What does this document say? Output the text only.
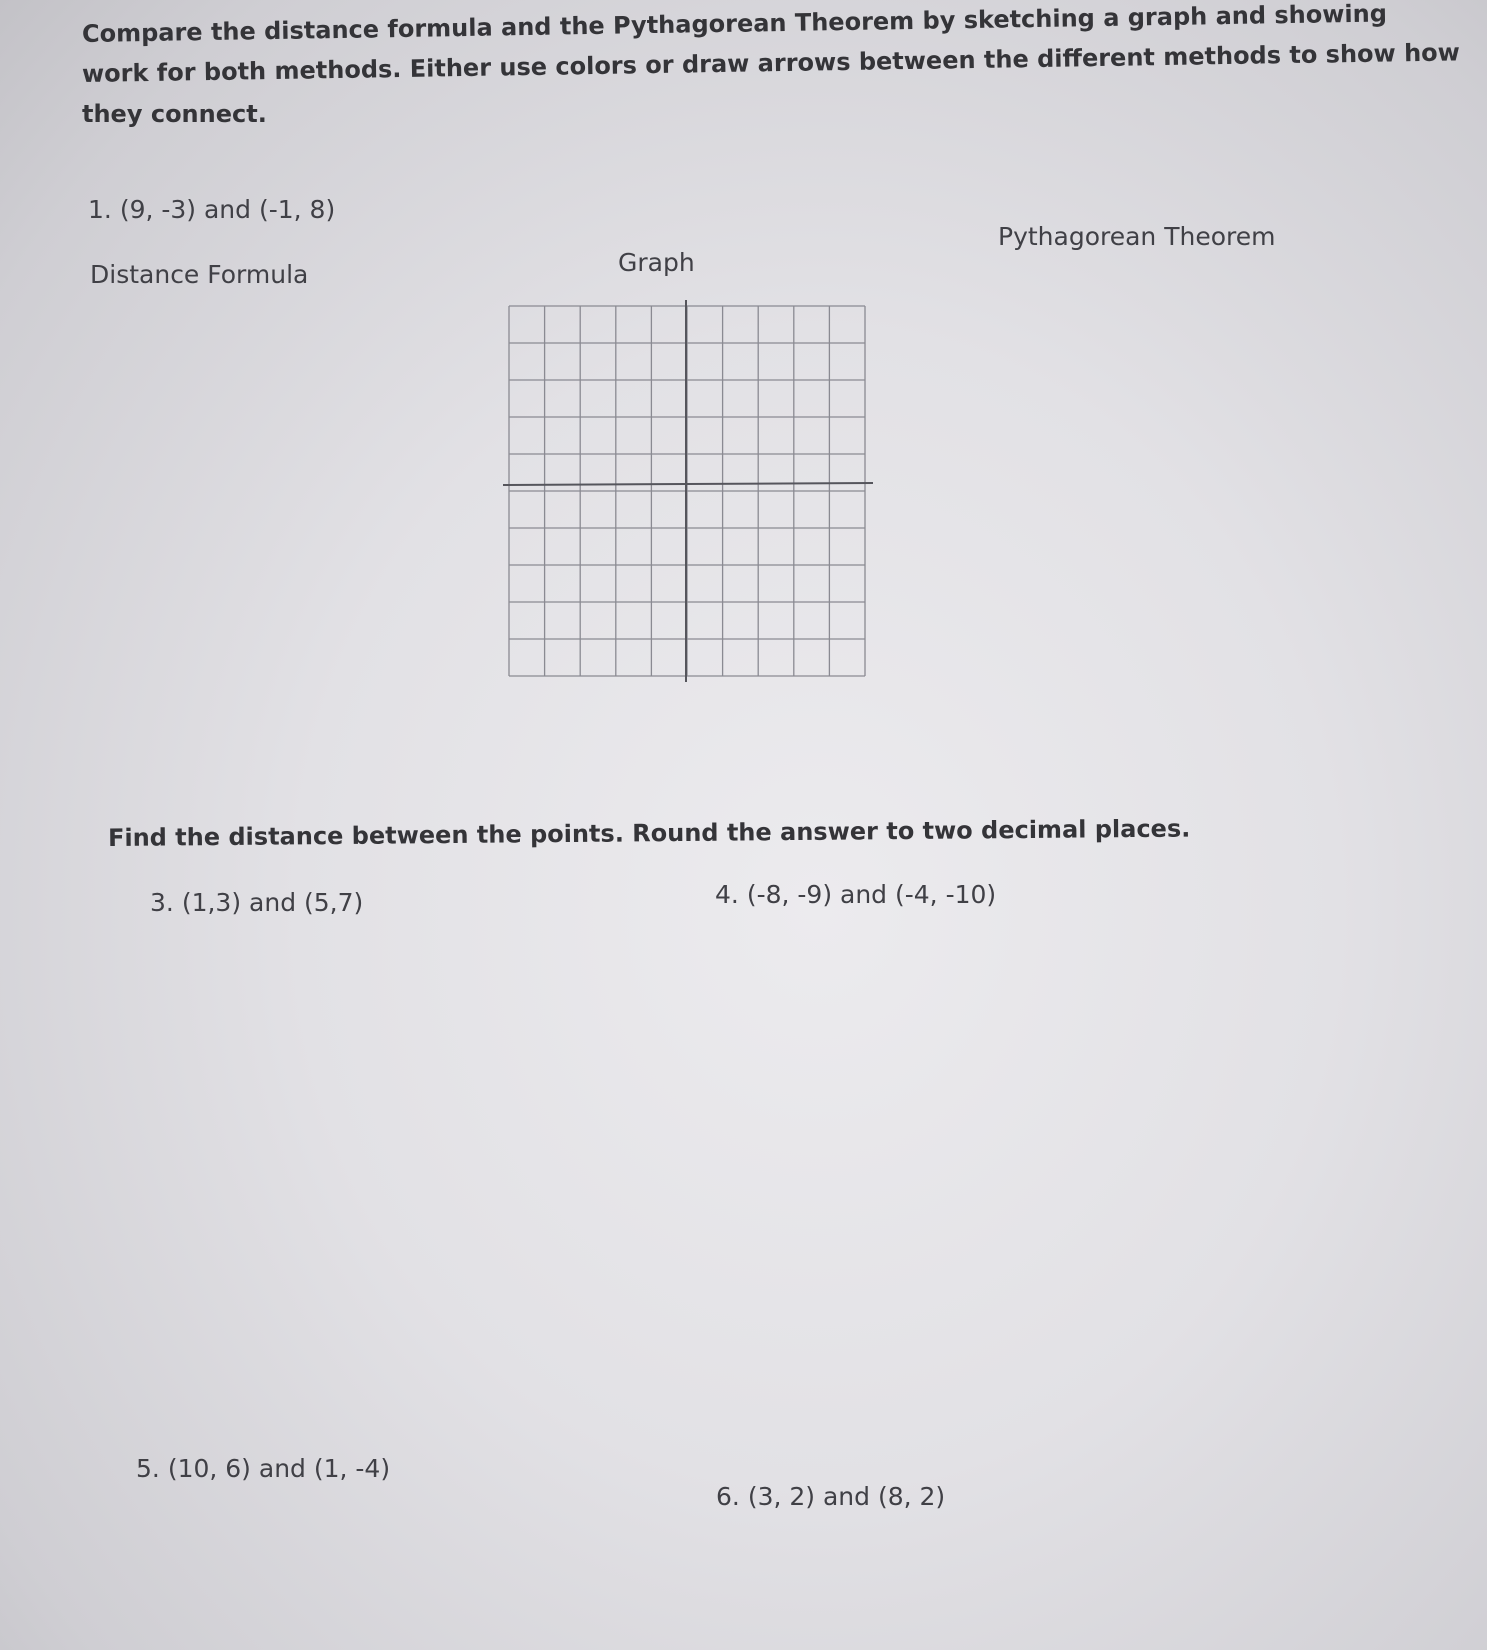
Compare the distance formula and the Pythagorean Theorem by sketching a graph and showing
work for both methods. Either use colors or draw arrows between the different methods to show how
they connect.
1. (9, -3) and (-1, 8)
Distance Formula	Graph
Pythagorean Theorem
Find the distance between the points. Round the answer to two decimal places.
3. (1,3) and (5,7)	4. (-8, -9) and (-4, -10)
5. (10, 6) and (1, -4)
6. (3, 2) and (8, 2)
